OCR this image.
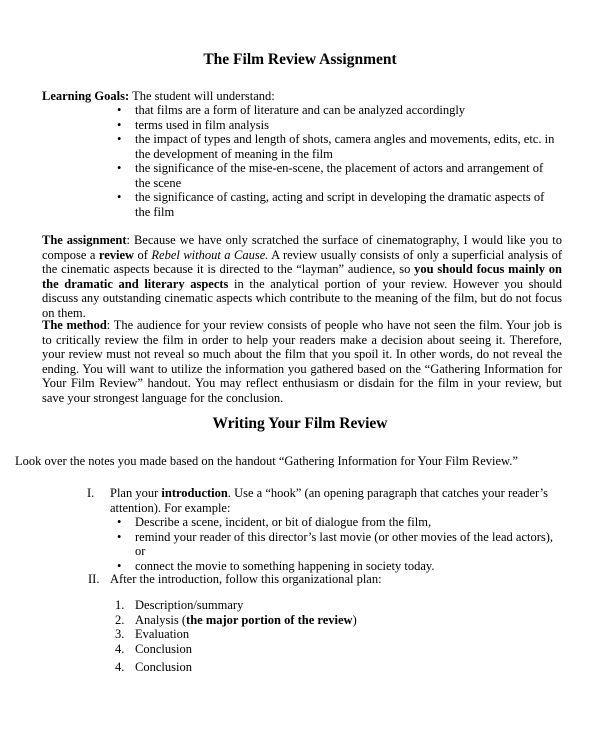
The Film Review Assignment
Learning Goals: The student will understand:
• that films are a form of literature and can be analyzed accordingly
• terms used in film analysis
• the impact of types and length of shots, camera angles and movements, edits, etc. in the development of meaning in the film
• the significance of the mise-en-scene, the placement of actors and arrangement of the scene
• the significance of casting, acting and script in developing the dramatic aspects of the film
The assignment: Because we have only scratched the surface of cinematography, I would like you to compose a review of Rebel without a Cause. A review usually consists of only a superficial analysis of the cinematic aspects because it is directed to the “layman” audience, so you should focus mainly on the dramatic and literary aspects in the analytical portion of your review. However you should discuss any outstanding cinematic aspects which contribute to the meaning of the film, but do not focus on them.
The method: The audience for your review consists of people who have not seen the film. Your job is to critically review the film in order to help your readers make a decision about seeing it. Therefore, your review must not reveal so much about the film that you spoil it. In other words, do not reveal the ending. You will want to utilize the information you gathered based on the “Gathering Information for Your Film Review” handout. You may reflect enthusiasm or disdain for the film in your review, but save your strongest language for the conclusion.
Writing Your Film Review
Look over the notes you made based on the handout “Gathering Information for Your Film Review.”
I. Plan your introduction. Use a “hook” (an opening paragraph that catches your reader’s attention). For example:
• Describe a scene, incident, or bit of dialogue from the film,
• remind your reader of this director’s last movie (or other movies of the lead actors), or
• connect the movie to something happening in society today.
II. After the introduction, follow this organizational plan:
1. Description/summary
2. Analysis (the major portion of the review)
3. Evaluation
4. Conclusion
4. Conclusion
